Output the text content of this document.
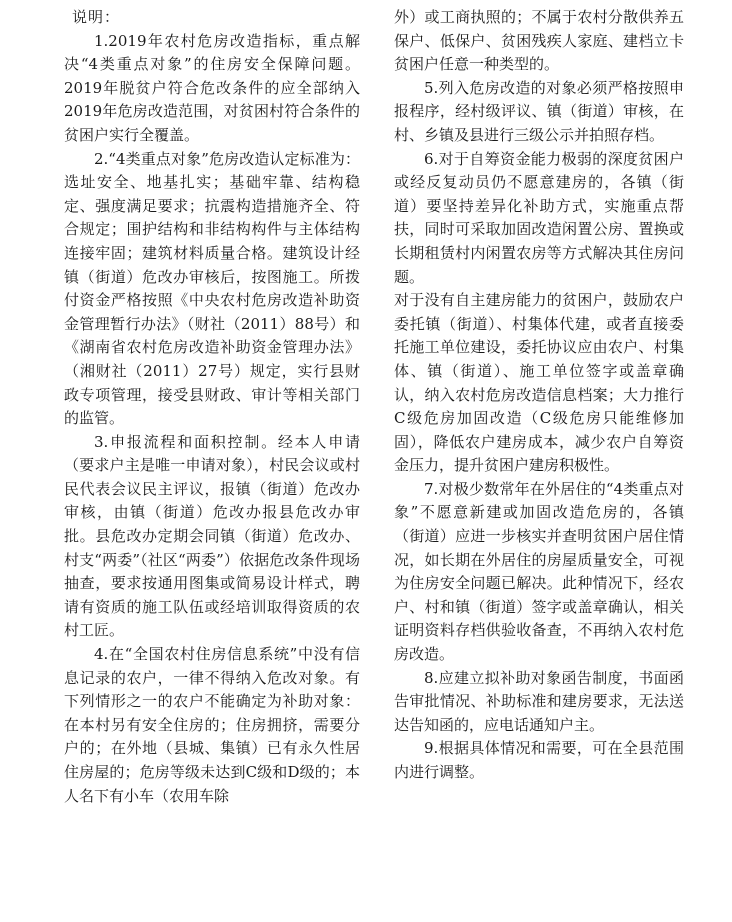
说明：

1.2019年农村危房改造指标，重点解决“4类重点对象”的住房安全保障问题。2019年脱贫户符合危改条件的应全部纳入2019年危房改造范围，对贫困村符合条件的贫困户实行全覆盖。

2.“4类重点对象”危房改造认定标准为：选址安全、地基扎实；基础牢靠、结构稳定、强度满足要求；抗震构造措施齐全、符合规定；围护结构和非结构构件与主体结构连接牢固；建筑材料质量合格。建筑设计经镇（街道）危改办审核后，按图施工。所拨付资金严格按照《中央农村危房改造补助资金管理暂行办法》（财社（2011）88号）和《湖南省农村危房改造补助资金管理办法》（湘财社（2011）27号）规定，实行县财政专项管理，接受县财政、审计等相关部门的监管。

3.申报流程和面积控制。经本人申请（要求户主是唯一申请对象），村民会议或村民代表会议民主评议，报镇（街道）危改办审核，由镇（街道）危改办报县危改办审批。县危改办定期会同镇（街道）危改办、村支“两委”（社区“两委”）依据危改条件现场抽查，要求按通用图集或简易设计样式，聘请有资质的施工队伍或经培训取得资质的农村工匠。

4.在“全国农村住房信息系统”中没有信息记录的农户，一律不得纳入危改对象。有下列情形之一的农户不能确定为补助对象：在本村另有安全住房的；住房拥挤，需要分户的；在外地（县城、集镇）已有永久性居住房屋的；危房等级未达到C级和D级的；本人名下有小车（农用车除

外）或工商执照的；不属于农村分散供养五保户、低保户、贫困残疾人家庭、建档立卡贫困户任意一种类型的。

5.列入危房改造的对象必须严格按照申报程序，经村级评议、镇（街道）审核，在村、乡镇及县进行三级公示并拍照存档。

6.对于自筹资金能力极弱的深度贫困户或经反复动员仍不愿意建房的，各镇（街道）要坚持差异化补助方式，实施重点帮扶，同时可采取加固改造闲置公房、置换或长期租赁村内闲置农房等方式解决其住房问题。

对于没有自主建房能力的贫困户，鼓励农户委托镇（街道）、村集体代建，或者直接委托施工单位建设，委托协议应由农户、村集体、镇（街道）、施工单位签字或盖章确认，纳入农村危房改造信息档案；大力推行C级危房加固改造（C级危房只能维修加固），降低农户建房成本，减少农户自筹资金压力，提升贫困户建房积极性。

7.对极少数常年在外居住的“4类重点对象”不愿意新建或加固改造危房的，各镇（街道）应进一步核实并查明贫困户居住情况，如长期在外居住的房屋质量安全，可视为住房安全问题已解决。此种情况下，经农户、村和镇（街道）签字或盖章确认，相关证明资料存档供验收备查，不再纳入农村危房改造。

8.应建立拟补助对象函告制度，书面函告审批情况、补助标准和建房要求，无法送达告知函的，应电话通知户主。

9.根据具体情况和需要，可在全县范围内进行调整。
